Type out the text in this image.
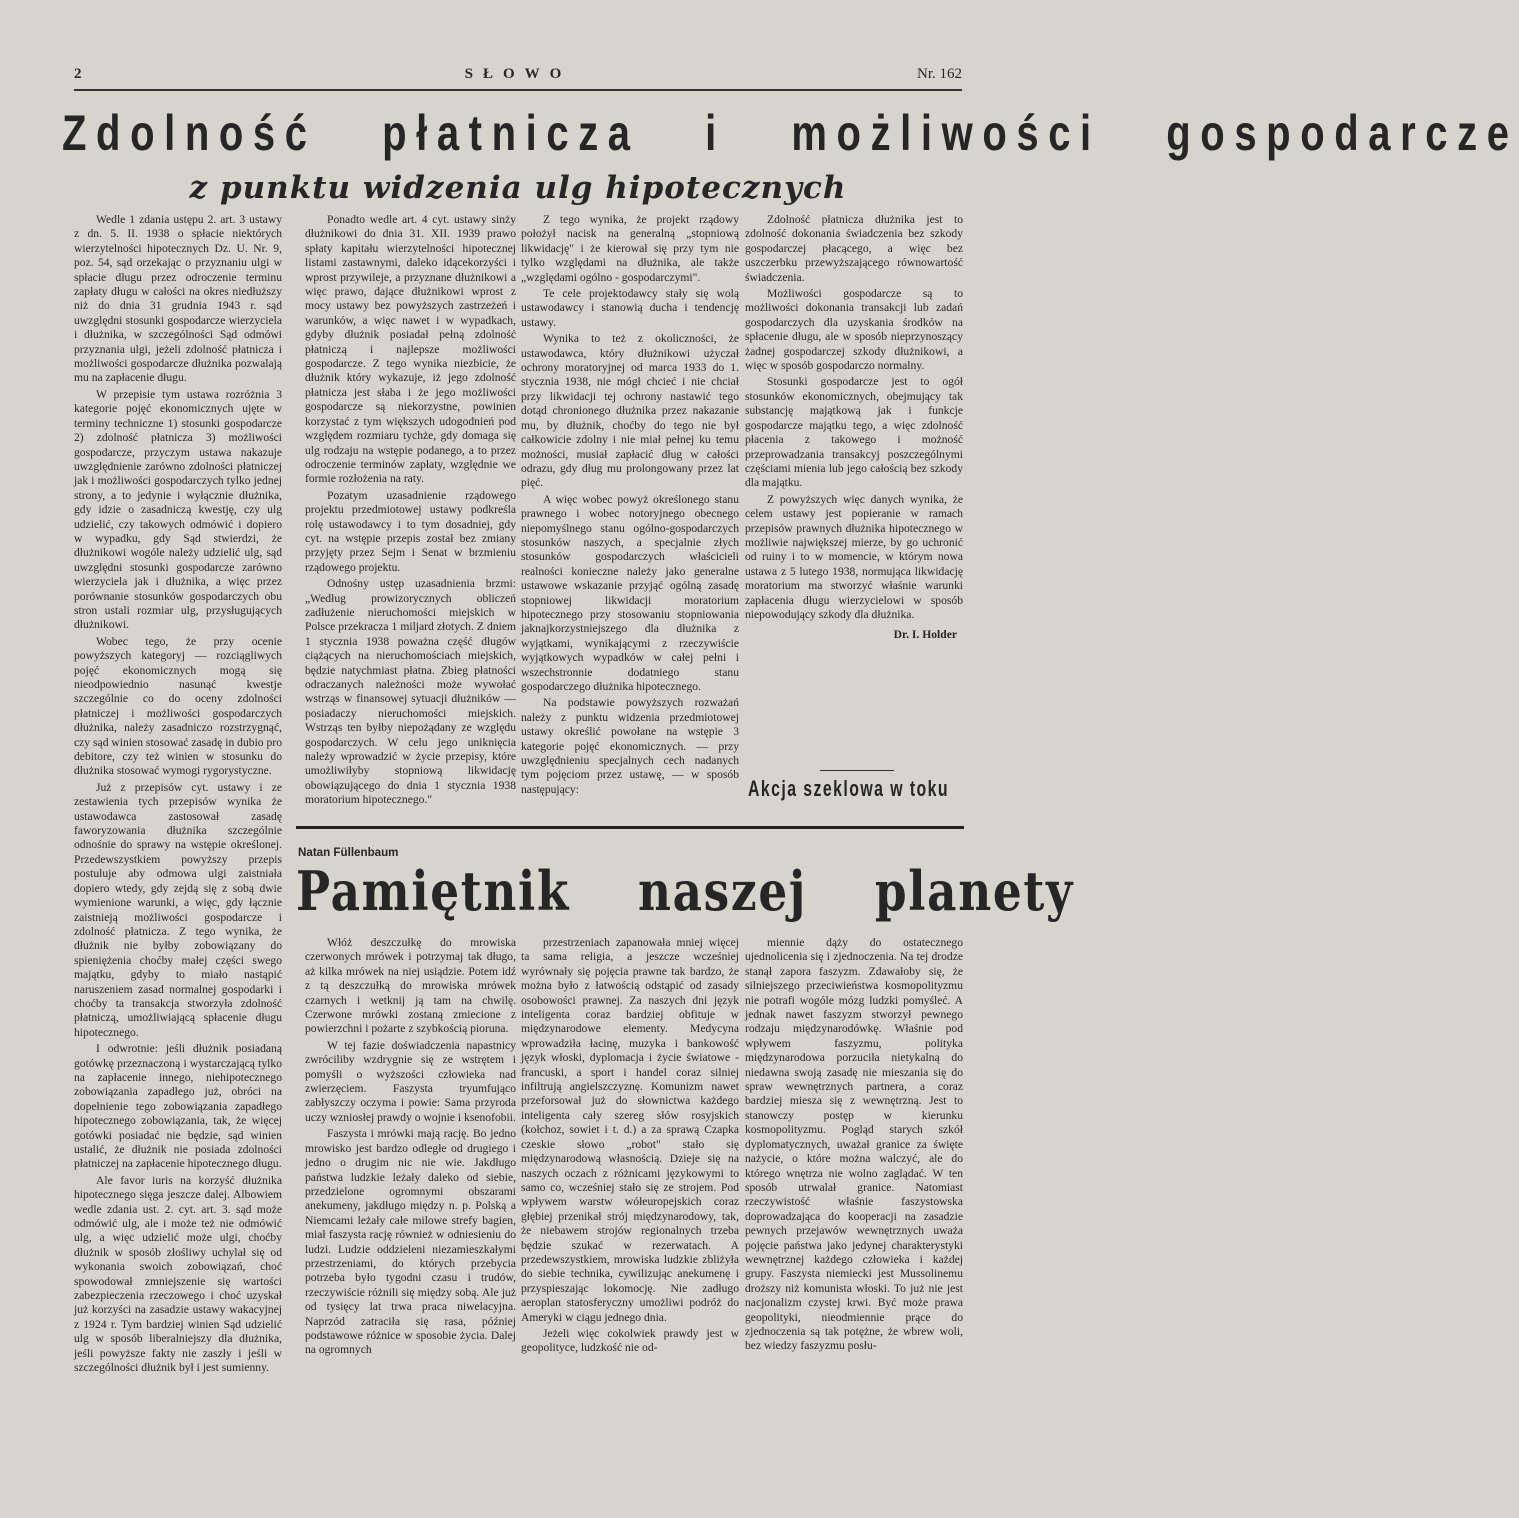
2	SŁOWO	Nr. 162
Zdolność płatnicza i możliwości gospodarcze
z punktu widzenia ulg hipotecznych

Wedle 1 zdania ustępu 2. art. 3 ustawy z dn. 5. II. 1938 o spłacie niektórych wierzytelności hipotecznych Dz. U. Nr. 9, poz. 54, sąd orzekając o przyznaniu ulgi w spłacie długu przez odroczenie terminu zapłaty długu w całości na okres niedłuższy niż do dnia 31 grudnia 1943 r. sąd uwzględni stosunki gospodarcze wierzyciela i dłużnika, w szczególności Sąd odmówi przyznania ulgi, jeżeli zdolność płatnicza i możliwości gospodarcze dłużnika pozwalają mu na zapłacenie długu.

W przepisie tym ustawa rozróżnia 3 kategorie pojęć ekonomicznych ujęte w terminy techniczne 1) stosunki gospodarcze 2) zdolność płatnicza 3) możliwości gospodarcze, przyczym ustawa nakazuje uwzględnienie zarówno zdolności płatniczej jak i możliwości gospodarczych tylko jednej strony, a to jedynie i wyłącznie dłużnika, gdy idzie o zasadniczą kwestję, czy ulg udzielić, czy takowych odmówić i dopiero w wypadku, gdy Sąd stwierdzi, że dłużnikowi wogóle należy udzielić ulg, sąd uwzględni stosunki gospodarcze zarówno wierzyciela jak i dłużnika, a więc przez porównanie stosunków gospodarczych obu stron ustali rozmiar ulg, przysługujących dłużnikowi.

Wobec tego, że przy ocenie powyższych kategoryj — rozciągliwych pojęć ekonomicznych mogą się nieodpowiednio nasunąć kwestje szczególnie co do oceny zdolności płatniczej i możliwości gospodarczych dłużnika, należy zasadniczo rozstrzygnąć, czy sąd winien stosować zasadę in dubio pro debitore, czy też winien w stosunku do dłużnika stosować wymogi rygorystyczne.

Już z przepisów cyt. ustawy i ze zestawienia tych przepisów wynika że ustawodawca zastosował zasadę faworyzowania dłużnika szczególnie odnośnie do sprawy na wstępie określonej. Przedewszystkiem powyższy przepis postuluje aby odmowa ulgi zaistniała dopiero wtedy, gdy zejdą się z sobą dwie wymienione warunki, a więc, gdy łącznie zaistnieją możliwości gospodarcze i zdolność płatnicza. Z tego wynika, że dłużnik nie byłby zobowiązany do spieniężenia choćby małej części swego majątku, gdyby to miało nastąpić naruszeniem zasad normalnej gospodarki i choćby ta transakcja stworzyła zdolność płatniczą, umożliwiającą spłacenie długu hipotecznego.

I odwrotnie: jeśli dłużnik posiadaną gotówkę przeznaczoną i wystarczającą tylko na zapłacenie innego, niehipotecznego zobowiązania zapadłego już, obróci na dopełnienie tego zobowiązania zapadłego hipotecznego zobowiązania, tak, że więcej gotówki posiadać nie będzie, sąd winien ustalić, że dłużnik nie posiada zdolności płatniczej na zapłacenie hipotecznego długu.

Ale favor iuris na korzyść dłużnika hipotecznego sięga jeszcze dalej. Albowiem wedle zdania ust. 2. cyt. art. 3. sąd może odmówić ulg, ale i może też nie odmówić ulg, a więc udzielić może ulgi, choćby dłużnik w sposób złośliwy uchylał się od wykonania swoich zobowiązań, choć spowodował zmniejszenie się wartości zabezpieczenia rzeczowego i choć uzyskał już korzyści na zasadzie ustawy wakacyjnej z 1924 r. Tym bardziej winien Sąd udzielić ulg w sposób liberalniejszy dla dłużnika, jeśli powyższe fakty nie zaszły i jeśli w szczególności dłużnik był i jest sumienny.

Ponadto wedle art. 4 cyt. ustawy sinży dłużnikowi do dnia 31. XII. 1939 prawo spłaty kapitału wierzytelności hipotecznej listami zastawnymi, daleko idącekorzyści i wprost przywileje, a przyznane dłużnikowi a więc prawo, dające dłużnikowi wprost z mocy ustawy bez powyższych zastrzeżeń i warunków, a więc nawet i w wypadkach, gdyby dłużnik posiadał pełną zdolność płatniczą i najlepsze możliwości gospodarcze. Z tego wynika niezbicie, że dłużnik który wykazuje, iż jego zdolność płatnicza jest słaba i że jego możliwości gospodarcze są niekorzystne, powinien korzystać z tym większych udogodnień pod względem rozmiaru tychże, gdy domaga się ulg rodzaju na wstępie podanego, a to przez odroczenie terminów zapłaty, względnie we formie rozłożenia na raty.

Pozatym uzasadnienie rządowego projektu przedmiotowej ustawy podkreśla rolę ustawodawcy i to tym dosadniej, gdy cyt. na wstępie przepis został bez zmiany przyjęty przez Sejm i Senat w brzmieniu rządowego projektu.

Odnośny ustęp uzasadnienia brzmi: „Według prowizorycznych obliczeń zadłużenie nieruchomości miejskich w Polsce przekracza 1 miljard złotych. Z dniem 1 stycznia 1938 poważna część długów ciążących na nieruchomościach miejskich, będzie natychmiast płatna. Zbieg płatności odraczanych należności może wywołać wstrząs w finansowej sytuacji dłużników — posiadaczy nieruchomości miejskich. Wstrząs ten byłby niepożądany ze względu gospodarczych. W celu jego uniknięcia należy wprowadzić w życie przepisy, które umożliwiłyby stopniową likwidację obowiązującego do dnia 1 stycznia 1938 moratorium hipotecznego."

Z tego wynika, że projekt rządowy położył nacisk na generalną „stopniową likwidację" i że kierował się przy tym nie tylko względami na dłużnika, ale także „względami ogólno - gospodarczymi".

Te cele projektodawcy stały się wolą ustawodawcy i stanowią ducha i tendencję ustawy.

Wynika to też z okoliczności, że ustawodawca, który dłużnikowi użyczał ochrony moratoryjnej od marca 1933 do 1. stycznia 1938, nie mógł chcieć i nie chciał przy likwidacji tej ochrony nastawić tego dotąd chronionego dłużnika przez nakazanie mu, by dłużnik, choćby do tego nie był całkowicie zdolny i nie miał pełnej ku temu możności, musiał zapłacić dług w całości odrazu, gdy dług mu prolongowany przez lat pięć.

A więc wobec powyż określonego stanu prawnego i wobec notoryjnego obecnego niepomyślnego stanu ogólno-gospodarczych stosunków naszych, a specjalnie złych stosunków gospodarczych właścicieli realności konieczne należy jako generalne ustawowe wskazanie przyjąć ogólną zasadę stopniowej likwidacji moratorium hipotecznego przy stosowaniu stopniowania jaknajkorzystniejszego dla dłużnika z wyjątkami, wynikającymi z rzeczywiście wyjątkowych wypadków w całej pełni i wszechstronnie dodatniego stanu gospodarczego dłużnika hipotecznego.

Na podstawie powyższych rozważań należy z punktu widzenia przedmiotowej ustawy określić powołane na wstępie 3 kategorie pojęć ekonomicznych. — przy uwzględnieniu specjalnych cech nadanych tym pojęciom przez ustawę, — w sposób następujący:

Zdolność płatnicza dłużnika jest to zdolność dokonania świadczenia bez szkody gospodarczej płacącego, a więc bez uszczerbku przewyższającego równowartość świadczenia.

Możliwości gospodarcze są to możliwości dokonania transakcji lub zadań gospodarczych dla uzyskania środków na spłacenie długu, ale w sposób nieprzynoszący żadnej gospodarczej szkody dłużnikowi, a więc w sposób gospodarczo normalny.

Stosunki gospodarcze jest to ogół stosunków ekonomicznych, obejmujący tak substancję majątkową jak i funkcje gospodarcze majątku tego, a więc zdolność płacenia z takowego i możność przeprowadzania transakcyj poszczególnymi częściami mienia lub jego całością bez szkody dla majątku.

Z powyższych więc danych wynika, że celem ustawy jest popieranie w ramach przepisów prawnych dłużnika hipotecznego w możliwie największej mierze, by go uchronić od ruiny i to w momencie, w którym nowa ustawa z 5 lutego 1938, normująca likwidację moratorium ma stworzyć właśnie warunki zapłacenia długu wierzycielowi w sposób niepowodujący szkody dla dłużnika.

Dr. I. Holder
Akcja szeklowa w toku
Natan Füllenbaum
Pamiętnik naszej planety

Włóż deszczułkę do mrowiska czerwonych mrówek i potrzymaj tak długo, aż kilka mrówek na niej usiądzie. Potem idź z tą deszczułką do mrowiska mrówek czarnych i wetknij ją tam na chwilę. Czerwone mrówki zostaną zmiecione z powierzchni i pożarte z szybkością pioruna.

W tej fazie doświadczenia napastnicy zwróciliby wzdrygnie się ze wstrętem i pomyśli o wyższości człowieka nad zwierzęciem. Faszysta tryumfująco zabłyszczy oczyma i powie: Sama przyroda uczy wzniosłej prawdy o wojnie i ksenofobii.

Faszysta i mrówki mają rację. Bo jedno mrowisko jest bardzo odległe od drugiego i jedno o drugim nic nie wie. Jakdługo państwa ludzkie leżały daleko od siebie, przedzielone ogromnymi obszarami anekumeny, jakdługo między n. p. Polską a Niemcami leżały całe milowe strefy bagien, miał faszysta rację również w odniesieniu do ludzi. Ludzie oddzieleni niezamieszkałymi przestrzeniami, do których przebycia potrzeba było tygodni czasu i trudów, rzeczywiście różnili się między sobą. Ale już od tysięcy lat trwa praca niwelacyjna. Naprzód zatraciła się rasa, później podstawowe różnice w sposobie życia. Dalej na ogromnych

przestrzeniach zapanowała mniej więcej ta sama religia, a jeszcze wcześniej wyrównały się pojęcia prawne tak bardzo, że można było z łatwością odstąpić od zasady osobowości prawnej. Za naszych dni język inteligenta coraz bardziej obfituje w międzynarodowe elementy. Medycyna wprowadziła łacinę, muzyka i bankowość język włoski, dyplomacja i życie światowe - francuski, a sport i handel coraz silniej infiltrują angielszczyznę. Komunizm nawet przeforsował już do słownictwa każdego inteligenta cały szereg słów rosyjskich (kołchoz, sowiet i t. d.) a za sprawą Czapka czeskie słowo „robot" stało się międzynarodową własnością. Dzieje się na naszych oczach z różnicami językowymi to samo co, wcześniej stało się ze strojem. Pod wpływem warstw wółeuropejskich coraz głębiej przenikał strój międzynarodowy, tak, że niebawem strojów regionalnych trzeba będzie szukać w rezerwatach. A przedewszystkiem, mrowiska ludzkie zbliżyła do siebie technika, cywilizując anekumenę i przyspieszając lokomocję. Nie zadługo aeroplan statosferyczny umożliwi podróż do Ameryki w ciągu jednego dnia.

Jeżeli więc cokolwiek prawdy jest w geopolityce, ludzkość nie od-

miennie dąży do ostatecznego ujednolicenia się i zjednoczenia. Na tej drodze stanął zapora faszyzm. Zdawałoby się, że silniejszego przeciwieństwa kosmopolityzmu nie potrafi wogóle mózg ludzki pomyśleć. A jednak nawet faszyzm stworzył pewnego rodzaju międzynarodówkę. Właśnie pod wpływem faszyzmu, polityka międzynarodowa porzuciła nietykalną do niedawna swoją zasadę nie mieszania się do spraw wewnętrznych partnera, a coraz bardziej miesza się z wewnętrzną. Jest to stanowczy postęp w kierunku kosmopolityzmu. Pogląd starych szkół dyplomatycznych, uważał granice za święte nażycie, o które można walczyć, ale do którego wnętrza nie wolno zaglądać. W ten sposób utrwalał granice. Natomiast rzeczywistość właśnie faszystowska doprowadzająca do kooperacji na zasadzie pewnych przejawów wewnętrznych uważa pojęcie państwa jako jedynej charakterystyki wewnętrznej każdego człowieka i każdej grupy. Faszysta niemiecki jest Mussolinemu droższy niż komunista włoski. To już nie jest nacjonalizm czystej krwi. Być może prawa geopolityki, nieodmiennie prące do zjednoczenia są tak potężne, że wbrew woli, bez wiedzy faszyzmu posłu-
